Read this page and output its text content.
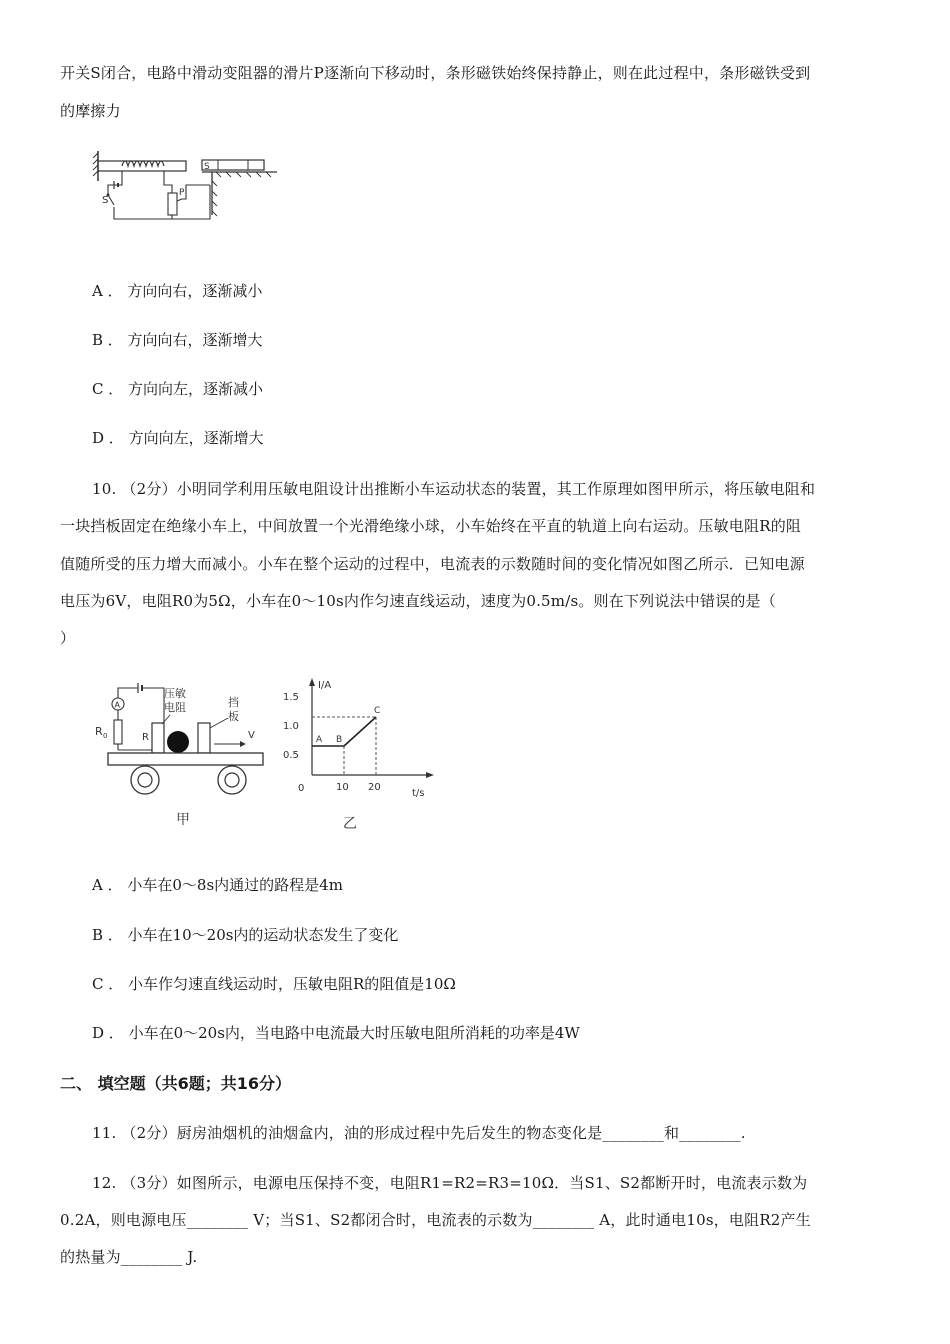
开关S闭合，电路中滑动变阻器的滑片P逐渐向下移动时，条形磁铁始终保持静止，则在此过程中，条形磁铁受到
的摩擦力
S
P
S
A ． 方向向右，逐渐减小
B ． 方向向右，逐渐增大
C ． 方向向左，逐渐减小
D ． 方向向左，逐渐增大
10. （2分）小明同学利用压敏电阻设计出推断小车运动状态的装置，其工作原理如图甲所示，将压敏电阻和
一块挡板固定在绝缘小车上，中间放置一个光滑绝缘小球，小车始终在平直的轨道上向右运动。压敏电阻R的阻
值随所受的压力增大而减小。小车在整个运动的过程中，电流表的示数随时间的变化情况如图乙所示．已知电源
电压为6V，电阻R0为5Ω，小车在0～10s内作匀速直线运动，速度为0.5m/s。则在下列说法中错误的是（
）
A
R 0	R
压敏
电阻	挡
板
V
甲
I/A
t/s
1.5
1.0
0.5
0	10 20
乙
A B
C
A ． 小车在0～8s内通过的路程是4m
B ． 小车在10～20s内的运动状态发生了变化
C ． 小车作匀速直线运动时，压敏电阻R的阻值是10Ω
D ． 小车在0～20s内，当电路中电流最大时压敏电阻所消耗的功率是4W
二、 填空题（共6题；共16分）
11. （2分）厨房油烟机的油烟盒内，油的形成过程中先后发生的物态变化是________和________.
12. （3分）如图所示，电源电压保持不变，电阻R1=R2=R3=10Ω．当S1、S2都断开时，电流表示数为
0.2A，则电源电压________ V；当S1、S2都闭合时，电流表的示数为________ A，此时通电10s，电阻R2产生
的热量为________ J.
